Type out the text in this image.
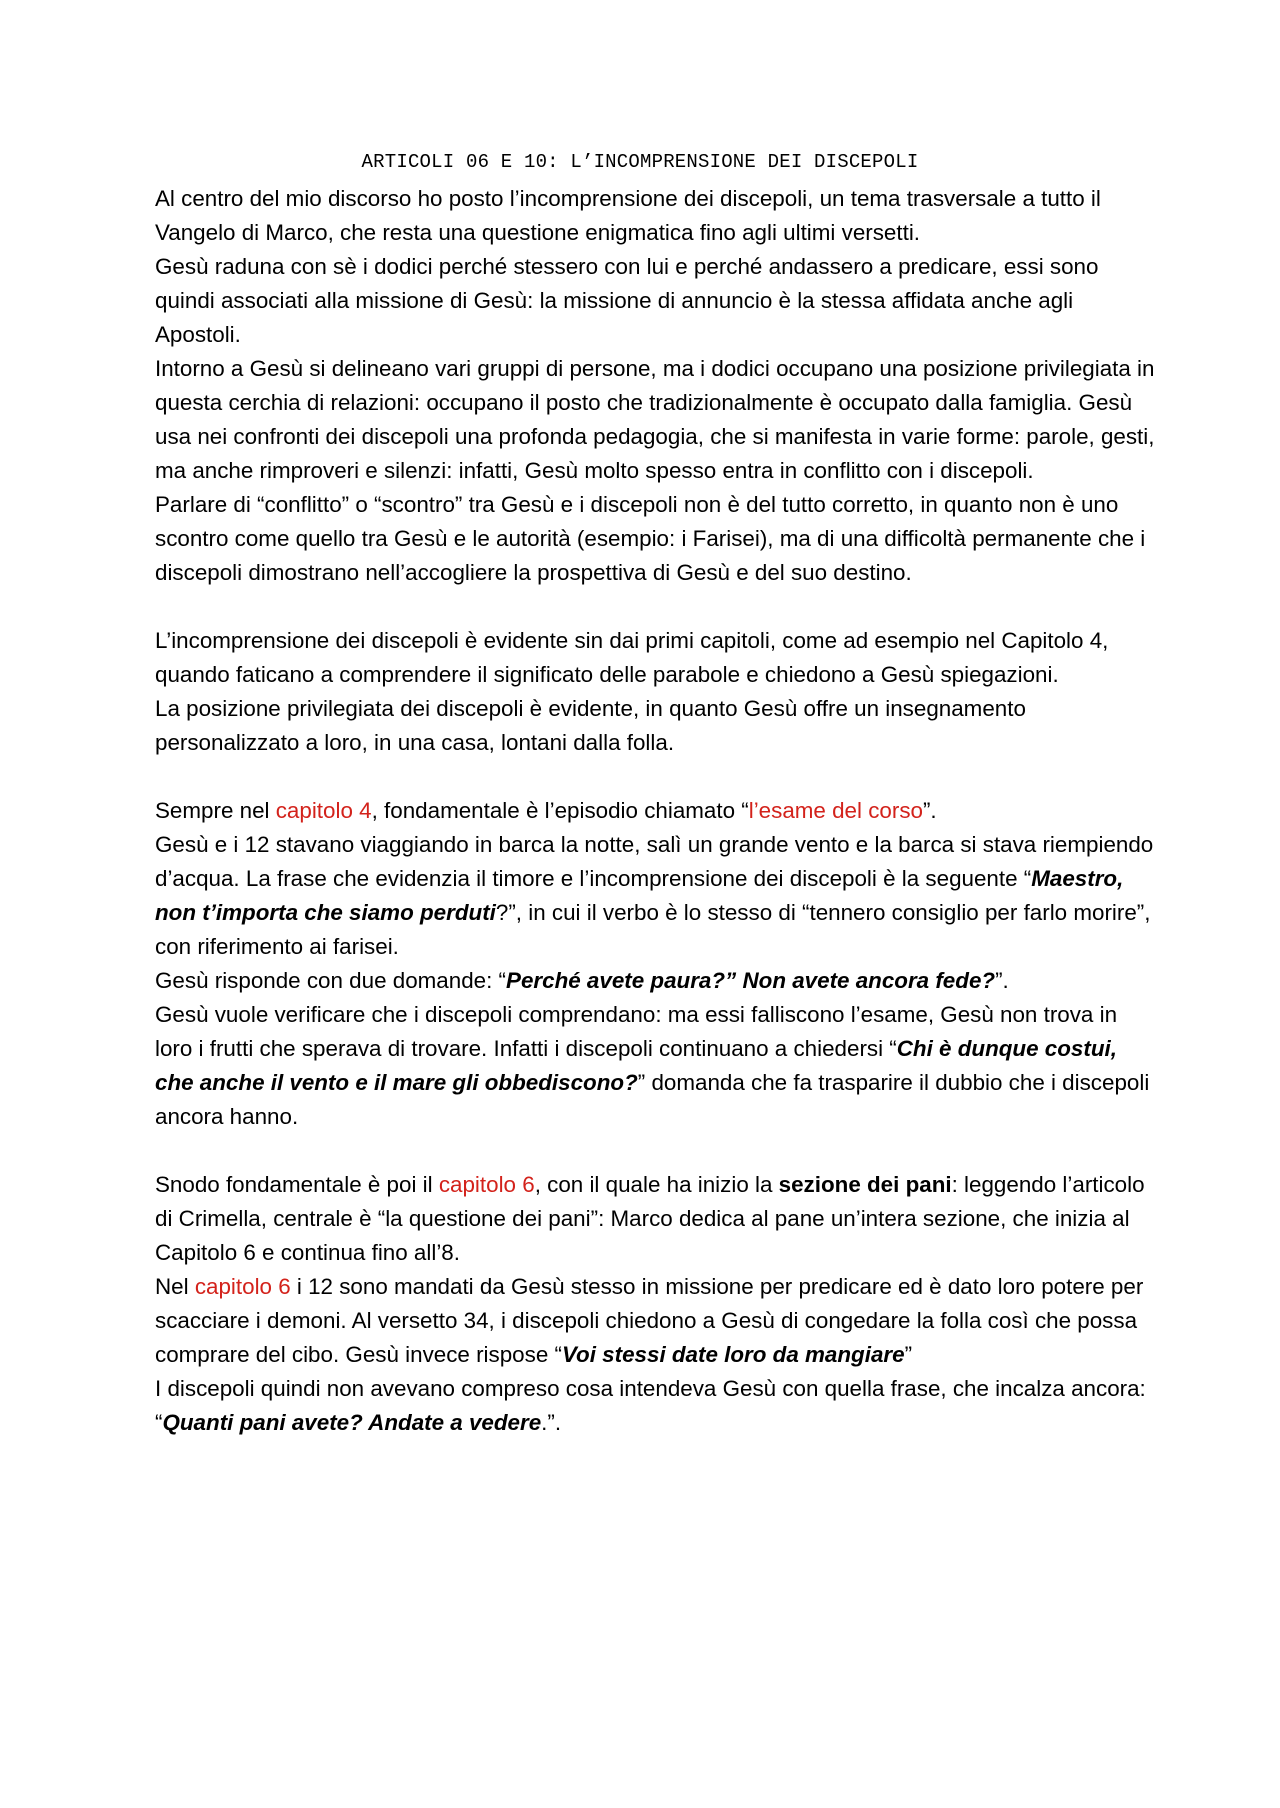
ARTICOLI 06 E 10: L’INCOMPRENSIONE DEI DISCEPOLI

Al centro del mio discorso ho posto l’incomprensione dei discepoli, un tema trasversale a tutto il Vangelo di Marco, che resta una questione enigmatica fino agli ultimi versetti.

Gesù raduna con sè i dodici perché stessero con lui e perché andassero a predicare, essi sono quindi associati alla missione di Gesù: la missione di annuncio è la stessa affidata anche agli Apostoli.

Intorno a Gesù si delineano vari gruppi di persone, ma i dodici occupano una posizione privilegiata in questa cerchia di relazioni: occupano il posto che tradizionalmente è occupato dalla famiglia. Gesù usa nei confronti dei discepoli una profonda pedagogia, che si manifesta in varie forme: parole, gesti, ma anche rimproveri e silenzi: infatti, Gesù molto spesso entra in conflitto con i discepoli.

Parlare di “conflitto” o “scontro” tra Gesù e i discepoli non è del tutto corretto, in quanto non è uno scontro come quello tra Gesù e le autorità (esempio: i Farisei), ma di una difficoltà permanente che i discepoli dimostrano nell’accogliere la prospettiva di Gesù e del suo destino.

L’incomprensione dei discepoli è evidente sin dai primi capitoli, come ad esempio nel Capitolo 4, quando faticano a comprendere il significato delle parabole e chiedono a Gesù spiegazioni.

La posizione privilegiata dei discepoli è evidente, in quanto Gesù offre un insegnamento personalizzato a loro, in una casa, lontani dalla folla.

Sempre nel capitolo 4, fondamentale è l’episodio chiamato “l’esame del corso”.

Gesù e i 12 stavano viaggiando in barca la notte, salì un grande vento e la barca si stava riempiendo d’acqua. La frase che evidenzia il timore e l’incomprensione dei discepoli è la seguente “Maestro, non t’importa che siamo perduti?”, in cui il verbo è lo stesso di “tennero consiglio per farlo morire”, con riferimento ai farisei.

Gesù risponde con due domande: “Perché avete paura?” Non avete ancora fede?”.

Gesù vuole verificare che i discepoli comprendano: ma essi falliscono l’esame, Gesù non trova in loro i frutti che sperava di trovare. Infatti i discepoli continuano a chiedersi “Chi è dunque costui, che anche il vento e il mare gli obbediscono?” domanda che fa trasparire il dubbio che i discepoli ancora hanno.

Snodo fondamentale è poi il capitolo 6, con il quale ha inizio la sezione dei pani: leggendo l’articolo di Crimella, centrale è “la questione dei pani”: Marco dedica al pane un’intera sezione, che inizia al Capitolo 6 e continua fino all’8.

Nel capitolo 6 i 12 sono mandati da Gesù stesso in missione per predicare ed è dato loro potere per scacciare i demoni. Al versetto 34, i discepoli chiedono a Gesù di congedare la folla così che possa comprare del cibo. Gesù invece rispose “Voi stessi date loro da mangiare”

I discepoli quindi non avevano compreso cosa intendeva Gesù con quella frase, che incalza ancora: “Quanti pani avete? Andate a vedere.”.
